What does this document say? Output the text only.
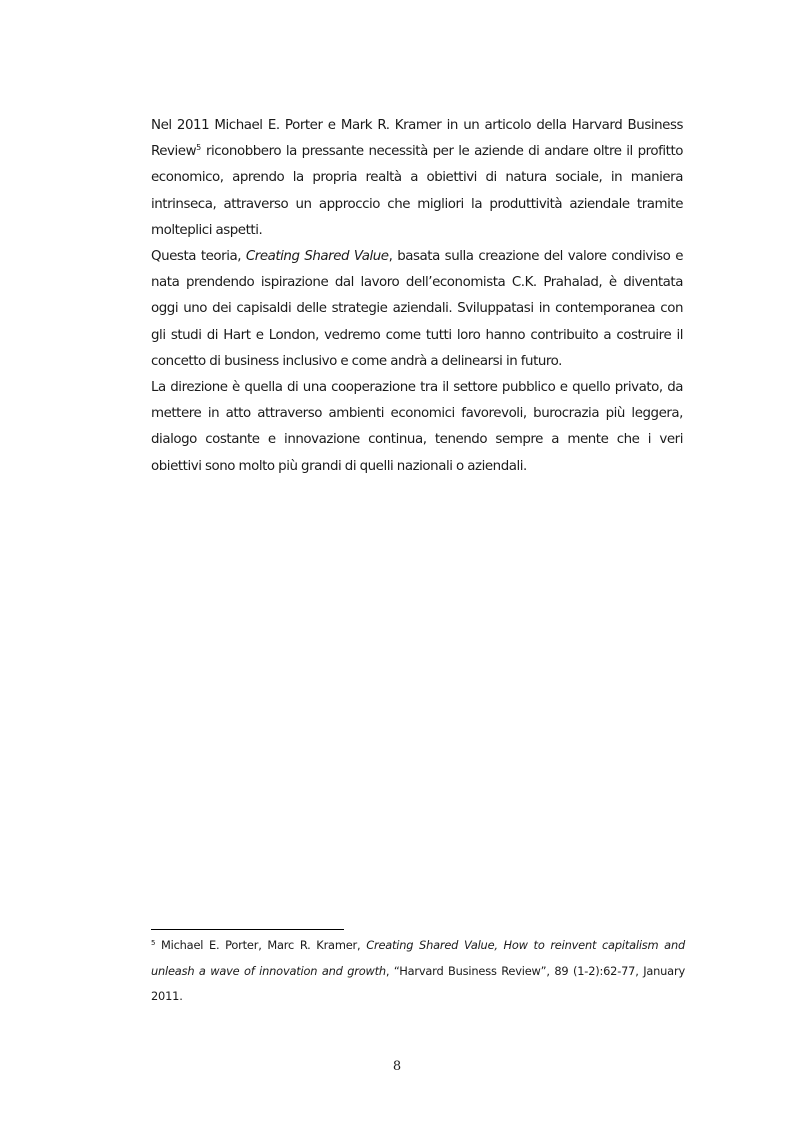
Nel 2011 Michael E. Porter e Mark R. Kramer in un articolo della Harvard Business Review$^5$ riconobbero la pressante necessità per le aziende di andare oltre il profitto economico, aprendo la propria realtà a obiettivi di natura sociale, in maniera intrinseca, attraverso un approccio che migliori la produttività aziendale tramite molteplici aspetti.

Questa teoria, Creating Shared Value, basata sulla creazione del valore condiviso e nata prendendo ispirazione dal lavoro dell’economista C.K. Prahalad, è diventata oggi uno dei capisaldi delle strategie aziendali. Sviluppatasi in contemporanea con gli studi di Hart e London, vedremo come tutti loro hanno contribuito a costruire il concetto di business inclusivo e come andrà a delinearsi in futuro.

La direzione è quella di una cooperazione tra il settore pubblico e quello privato, da mettere in atto attraverso ambienti economici favorevoli, burocrazia più leggera, dialogo costante e innovazione continua, tenendo sempre a mente che i veri obiettivi sono molto più grandi di quelli nazionali o aziendali.

$^5$ Michael E. Porter, Marc R. Kramer, Creating Shared Value, How to reinvent capitalism and unleash a wave of innovation and growth, “Harvard Business Review”, 89 (1-2):62-77, January 2011.

8
